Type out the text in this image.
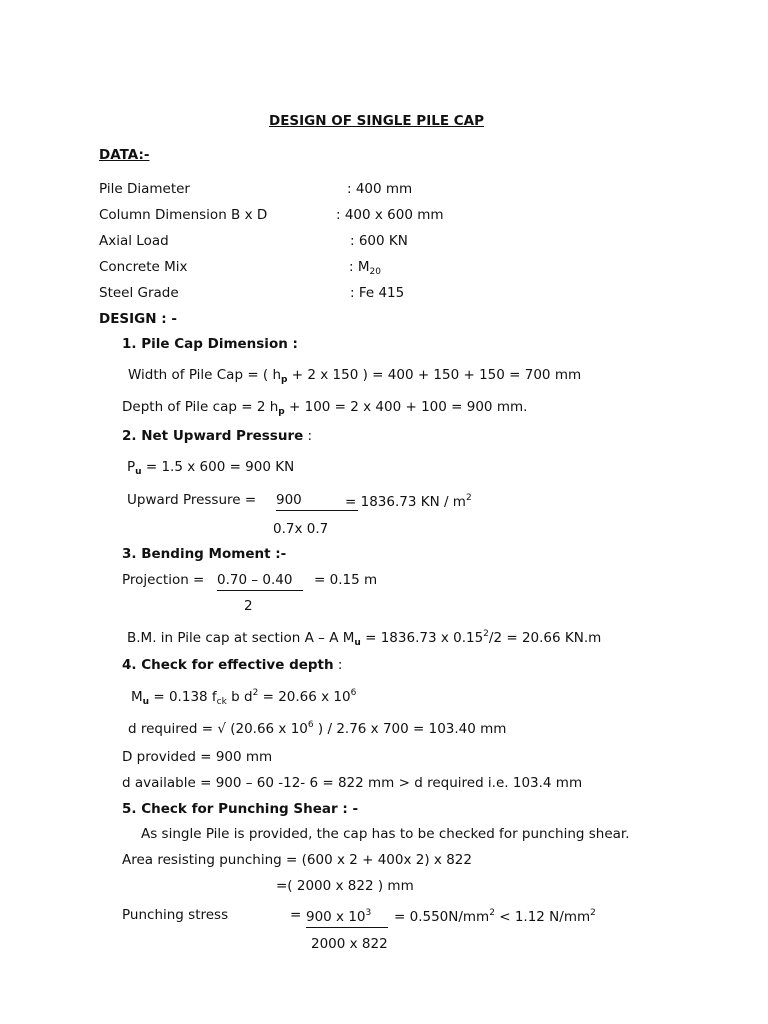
DESIGN OF SINGLE PILE CAP
DATA:-
Pile Diameter	: 400 mm
Column Dimension B x D	: 400 x 600 mm
Axial Load	: 600 KN
Concrete Mix	: $M_{20}$
Steel Grade	: Fe 415
DESIGN : -
1. Pile Cap Dimension :
Width of Pile Cap = ( $h_p + 2$ x 150 ) = 400 + 150 + 150 = 700 mm
Depth of Pile cap = 2 $h_p + 100 = 2$ x 400 + 100 = 900 mm.
2. Net Upward Pressure :
$P_u = 1.5$ x 600 = 900 KN
Upward Pressure = 900	= 1836.73 KN / $m^2$
0.7x 0.7
3. Bending Moment :-
Projection = 0.70 – 0.40	= 0.15 m
2
B.M. in Pile cap at section A – A $M_u = 1836.73$ x $0.15^2/2 = 20.66$ KN.m
4. Check for effective depth :
$M_u = 0.138$ $f_{ck}$ b $d^2 = 20.66$ x $10^6$
d required = √ (20.66 x $10^6$ ) / 2.76 x 700 = 103.40 mm
D provided = 900 mm
d available = 900 – 60 -12- 6 = 822 mm > d required i.e. 103.4 mm
5. Check for Punching Shear : -
As single Pile is provided, the cap has to be checked for punching shear.
Area resisting punching = (600 x 2 + 400x 2) x 822
=( 2000 x 822 ) mm
Punching stress	= 900 x $10^3$	= $0.550N/mm^2 < 1.12$ $N/mm^2$
2000 x 822
